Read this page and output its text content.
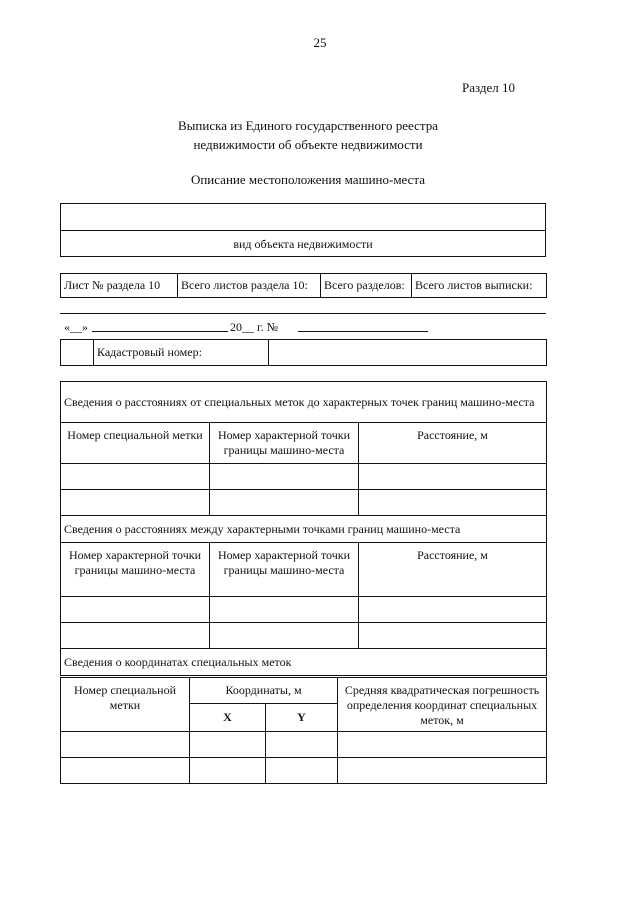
25
Раздел 10
Выписка из Единого государственного реестра
недвижимости об объекте недвижимости
Описание местоположения машино-места
вид объекта недвижимости
Лист № раздела 10	Всего листов раздела 10:	Всего разделов:	Всего листов выписки:
«__»	20__ г. №
	Кадастровый номер:	
Сведения о расстояниях от специальных меток до характерных точек границ машино-места		
Номер специальной метки	Номер характерной точки границы машино-места	Расстояние, м

Сведения о расстояниях между характерными точками границ машино-места		
Номер характерной точки границы машино-места	Номер характерной точки границы машино-места	Расстояние, м

Сведения о координатах специальных меток		
Номер специальной метки	Координаты, м		Средняя квадратическая погрешность определения координат специальных меток, м
	X	Y	
